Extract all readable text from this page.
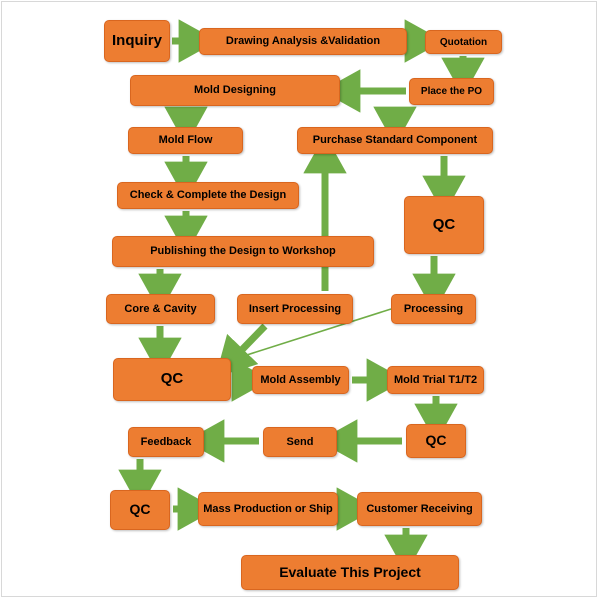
Inquiry	Drawing Analysis &Validation	Quotation
Mold Designing	Place the PO
Mold Flow	Purchase Standard Component
Check & Complete the Design
QC
Publishing the Design to Workshop
Core & Cavity	Insert Processing	Processing
QC	Mold Assembly	Mold Trial T1/T2
QC
Send
Feedback
QC	Mass Production or Ship	Customer Receiving
Evaluate This Project
